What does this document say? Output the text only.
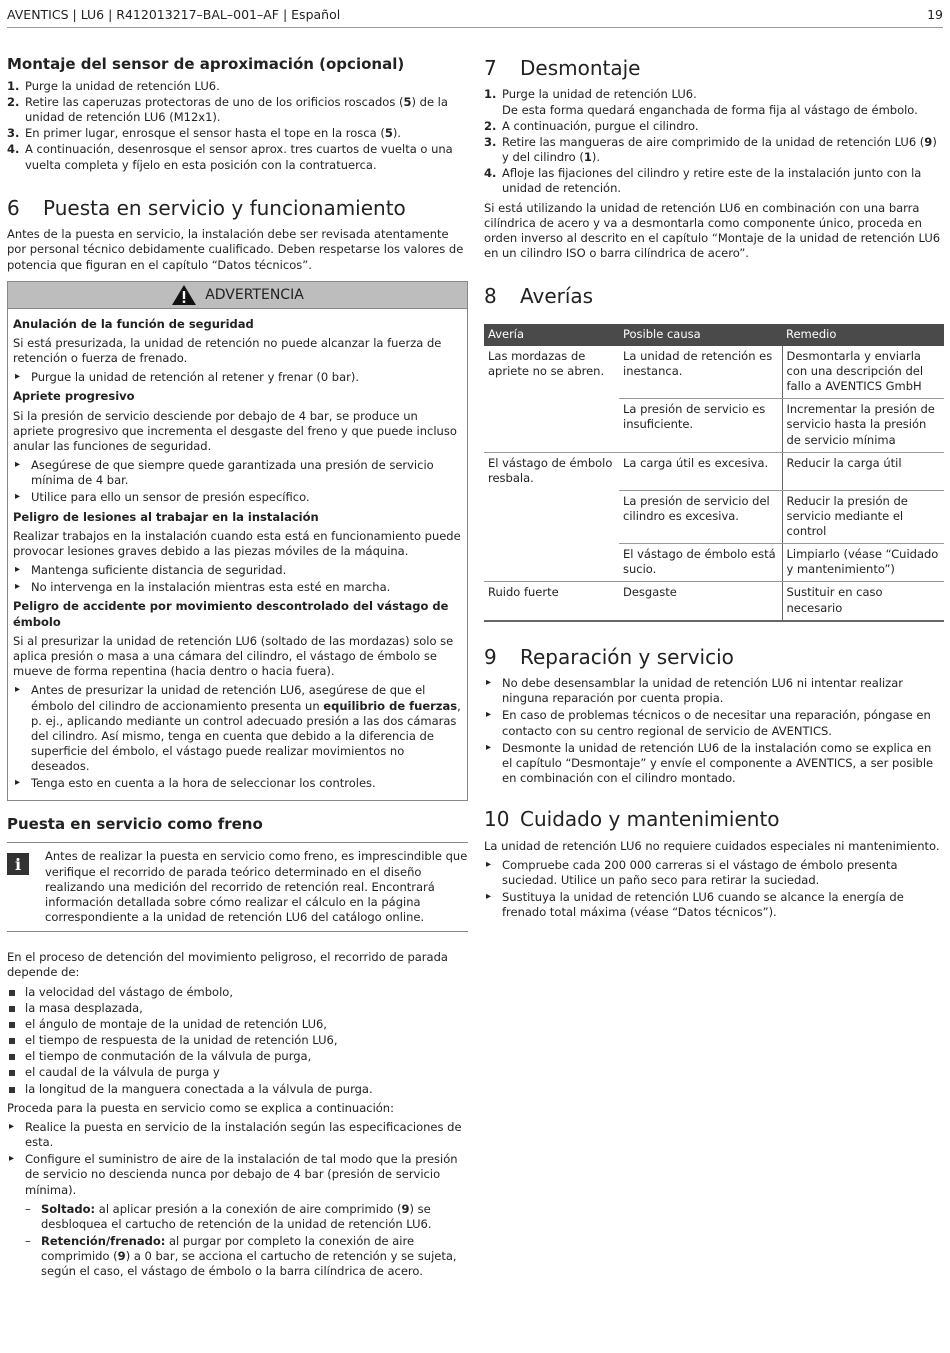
AVENTICS | LU6 | R412013217–BAL–001–AF | Español	19
Montaje del sensor de aproximación (opcional)
1. Purge la unidad de retención LU6.
2. Retire las caperuzas protectoras de uno de los orificios roscados (5) de la unidad de retención LU6 (M12x1).
3. En primer lugar, enrosque el sensor hasta el tope en la rosca (5).
4. A continuación, desenrosque el sensor aprox. tres cuartos de vuelta o una vuelta completa y fíjelo en esta posición con la contratuerca.
6	Puesta en servicio y funcionamiento

Antes de la puesta en servicio, la instalación debe ser revisada atentamente por personal técnico debidamente cualificado. Deben respetarse los valores de potencia que figuran en el capítulo “Datos técnicos”.

ADVERTENCIA
Anulación de la función de seguridad

Si está presurizada, la unidad de retención no puede alcanzar la fuerza de retención o fuerza de frenado.

▸ Purgue la unidad de retención al retener y frenar (0 bar).
Apriete progresivo

Si la presión de servicio desciende por debajo de 4 bar, se produce un apriete progresivo que incrementa el desgaste del freno y que puede incluso anular las funciones de seguridad.

▸ Asegúrese de que siempre quede garantizada una presión de servicio mínima de 4 bar.
▸ Utilice para ello un sensor de presión específico.
Peligro de lesiones al trabajar en la instalación

Realizar trabajos en la instalación cuando esta está en funcionamiento puede provocar lesiones graves debido a las piezas móviles de la máquina.

▸ Mantenga suficiente distancia de seguridad.
▸ No intervenga en la instalación mientras esta esté en marcha.
Peligro de accidente por movimiento descontrolado del vástago de émbolo

Si al presurizar la unidad de retención LU6 (soltado de las mordazas) solo se aplica presión o masa a una cámara del cilindro, el vástago de émbolo se mueve de forma repentina (hacia dentro o hacia fuera).

▸ Antes de presurizar la unidad de retención LU6, asegúrese de que el émbolo del cilindro de accionamiento presenta un equilibrio de fuerzas, p. ej., aplicando mediante un control adecuado presión a las dos cámaras del cilindro. Así mismo, tenga en cuenta que debido a la diferencia de superficie del émbolo, el vástago puede realizar movimientos no deseados.
▸ Tenga esto en cuenta a la hora de seleccionar los controles.
Puesta en servicio como freno
i	Antes de realizar la puesta en servicio como freno, es imprescindible que verifique el recorrido de parada teórico determinado en el diseño realizando una medición del recorrido de retención real. Encontrará información detallada sobre cómo realizar el cálculo en la página correspondiente a la unidad de retención LU6 del catálogo online.

En el proceso de detención del movimiento peligroso, el recorrido de parada depende de:

la velocidad del vástago de émbolo,
la masa desplazada,
el ángulo de montaje de la unidad de retención LU6,
el tiempo de respuesta de la unidad de retención LU6,
el tiempo de conmutación de la válvula de purga,
el caudal de la válvula de purga y
la longitud de la manguera conectada a la válvula de purga.

Proceda para la puesta en servicio como se explica a continuación:

▸ Realice la puesta en servicio de la instalación según las especificaciones de esta.
▸ Configure el suministro de aire de la instalación de tal modo que la presión de servicio no descienda nunca por debajo de 4 bar (presión de servicio mínima).
– Soltado: al aplicar presión a la conexión de aire comprimido (9) se desbloquea el cartucho de retención de la unidad de retención LU6.
– Retención/frenado: al purgar por completo la conexión de aire comprimido (9) a 0 bar, se acciona el cartucho de retención y se sujeta, según el caso, el vástago de émbolo o la barra cilíndrica de acero.
7	Desmontaje
1. Purge la unidad de retención LU6.
De esta forma quedará enganchada de forma fija al vástago de émbolo.
2. A continuación, purgue el cilindro.
3. Retire las mangueras de aire comprimido de la unidad de retención LU6 (9) y del cilindro (1).
4. Afloje las fijaciones del cilindro y retire este de la instalación junto con la unidad de retención.

Si está utilizando la unidad de retención LU6 en combinación con una barra cilíndrica de acero y va a desmontarla como componente único, proceda en orden inverso al descrito en el capítulo “Montaje de la unidad de retención LU6 en un cilindro ISO o barra cilíndrica de acero”.

8	Averías
Avería	Posible causa	Remedio
Las mordazas de apriete no se abren.	La unidad de retención es inestanca.	Desmontarla y enviarla con una descripción del fallo a AVENTICS GmbH
	La presión de servicio es insuficiente.	Incrementar la presión de servicio hasta la presión de servicio mínima
El vástago de émbolo resbala.	La carga útil es excesiva.	Reducir la carga útil
	La presión de servicio del cilindro es excesiva.	Reducir la presión de servicio mediante el control
	El vástago de émbolo está sucio.	Limpiarlo (véase “Cuidado y mantenimiento”)
Ruido fuerte	Desgaste	Sustituir en caso necesario
9	Reparación y servicio
▸ No debe desensamblar la unidad de retención LU6 ni intentar realizar ninguna reparación por cuenta propia.
▸ En caso de problemas técnicos o de necesitar una reparación, póngase en contacto con su centro regional de servicio de AVENTICS.
▸ Desmonte la unidad de retención LU6 de la instalación como se explica en el capítulo “Desmontaje” y envíe el componente a AVENTICS, a ser posible en combinación con el cilindro montado.
10 Cuidado y mantenimiento

La unidad de retención LU6 no requiere cuidados especiales ni mantenimiento.

▸ Compruebe cada 200 000 carreras si el vástago de émbolo presenta suciedad. Utilice un paño seco para retirar la suciedad.
▸ Sustituya la unidad de retención LU6 cuando se alcance la energía de frenado total máxima (véase “Datos técnicos”).
